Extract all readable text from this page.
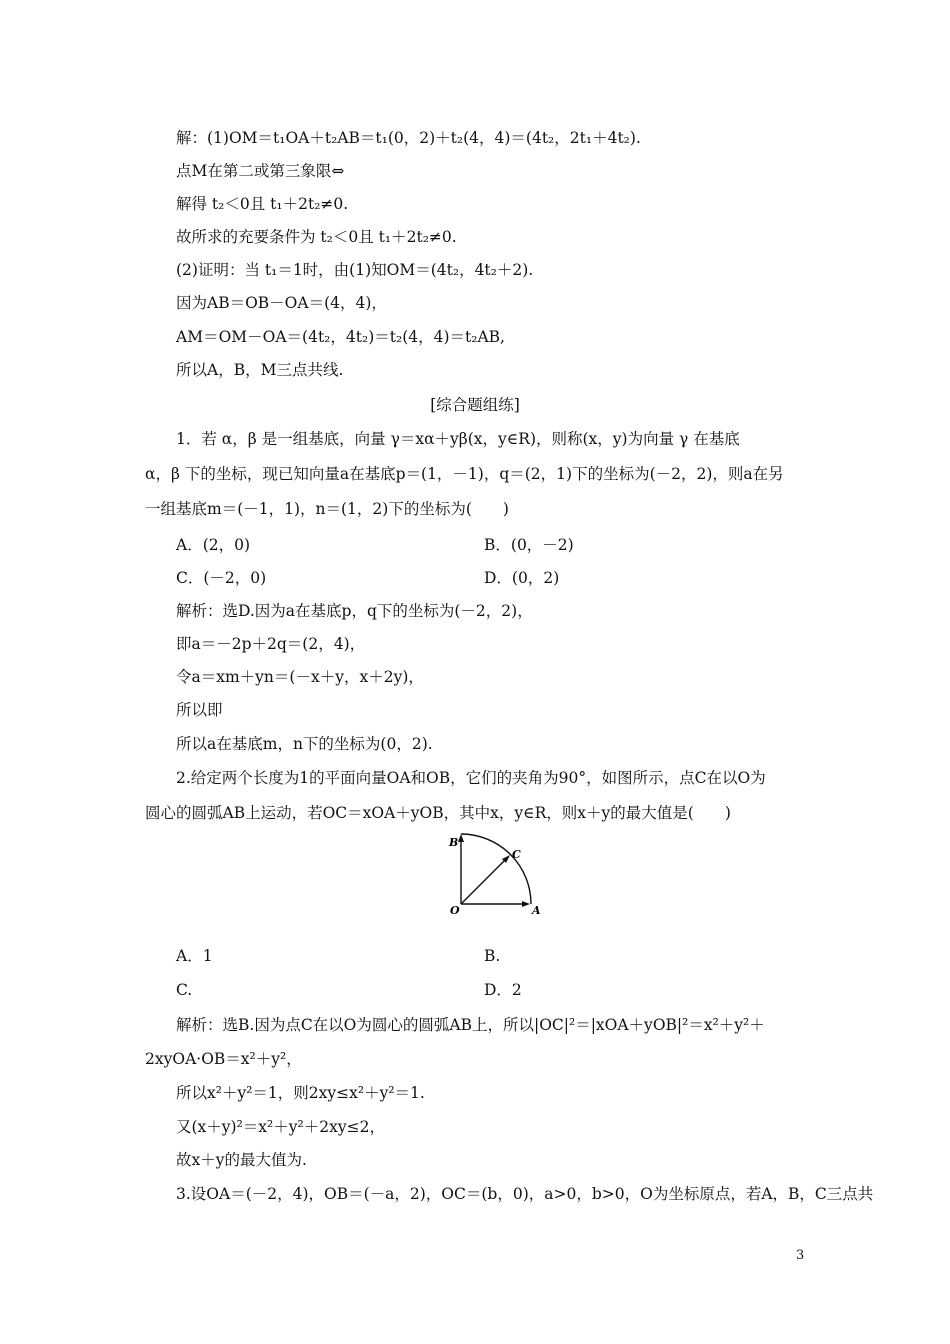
解：(1)OM＝t₁OA＋t₂AB＝t₁(0，2)＋t₂(4，4)＝(4t₂，2t₁＋4t₂).
点M在第二或第三象限⇔
解得 t₂＜0且 t₁＋2t₂≠0.
故所求的充要条件为 t₂＜0且 t₁＋2t₂≠0.
(2)证明：当 t₁＝1时，由(1)知OM＝(4t₂，4t₂＋2).
因为AB＝OB－OA＝(4，4)，
AM＝OM－OA＝(4t₂，4t₂)＝t₂(4，4)＝t₂AB,
所以A，B，M三点共线.
[综合题组练]
1．若 α，β 是一组基底，向量 γ＝xα＋yβ(x，y∈R)，则称(x，y)为向量 γ 在基底
α，β 下的坐标，现已知向量a在基底p＝(1，－1)，q＝(2，1)下的坐标为(－2，2)，则a在另
一组基底m＝(－1，1)，n＝(1，2)下的坐标为(　　)
A．(2，0)	B．(0，－2)
C．(－2，0)	D．(0，2)
解析：选D.因为a在基底p，q下的坐标为(－2，2)，
即a＝－2p＋2q＝(2，4)，
令a＝xm＋yn＝(－x＋y，x＋2y)，
所以即
所以a在基底m，n下的坐标为(0，2).
2.给定两个长度为1的平面向量OA和OB，它们的夹角为90°，如图所示，点C在以O为
圆心的圆弧AB上运动，若OC＝xOA＋yOB，其中x，y∈R，则x＋y的最大值是(　　)
B
C
O	A
A．1	B.
C.	D．2
解析：选B.因为点C在以O为圆心的圆弧AB上，所以|OC|²＝|xOA＋yOB|²＝x²＋y²＋
2xyOA·OB＝x²＋y²，
所以x²＋y²＝1，则2xy≤x²＋y²＝1.
又(x＋y)²＝x²＋y²＋2xy≤2，
故x＋y的最大值为.
3.设OA＝(－2，4)，OB＝(－a，2)，OC＝(b，0)，a>0，b>0，O为坐标原点，若A，B，C三点共
3
